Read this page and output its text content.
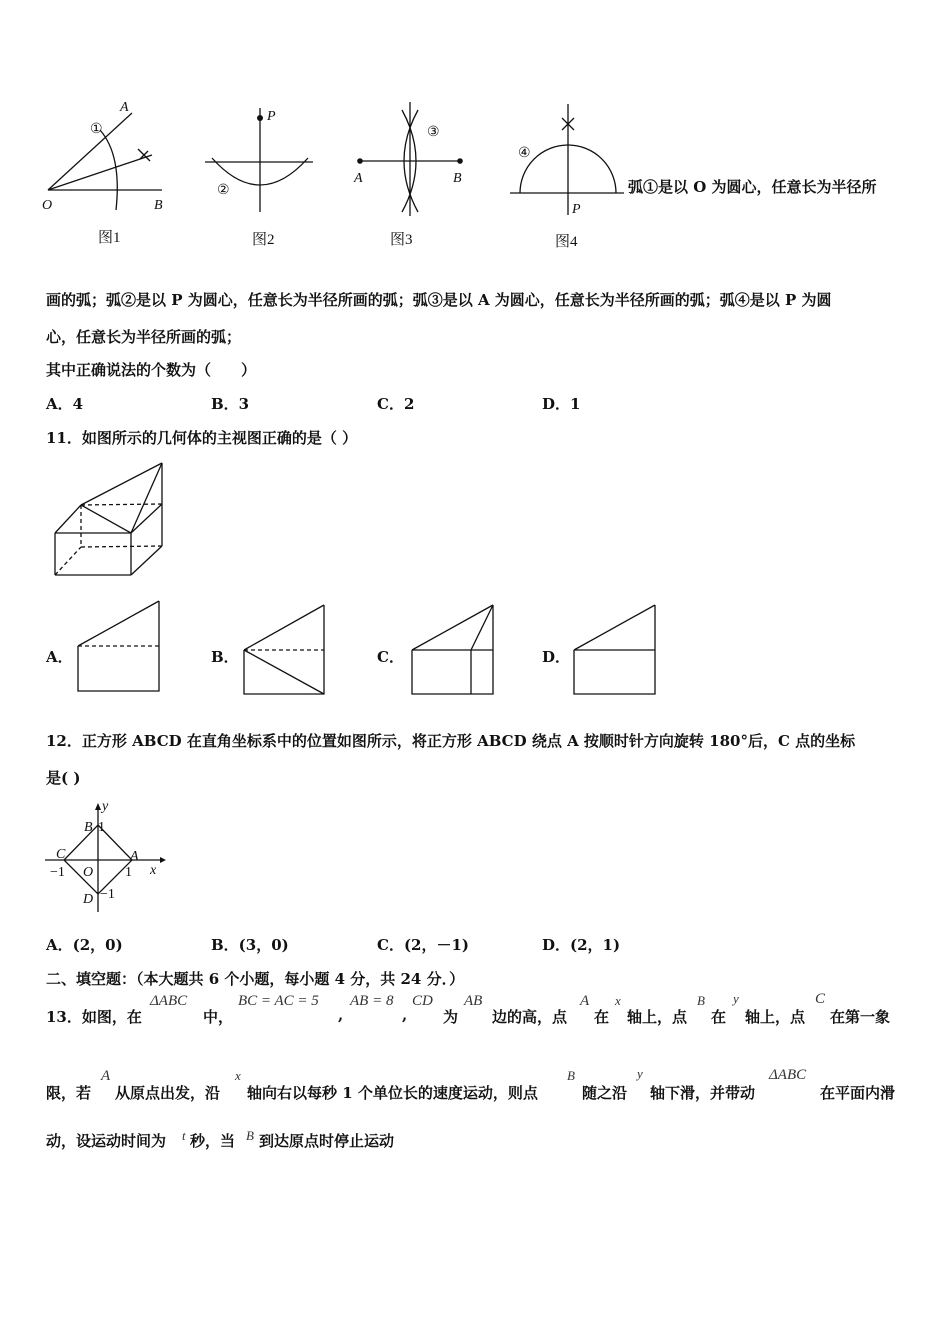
A
O	B
①
图1
P
②
图2
A	B
③
图3
P
④
图4
弧①是以 O 为圆心，任意长为半径所
画的弧；弧②是以 P 为圆心，任意长为半径所画的弧；弧③是以 A 为圆心，任意长为半径所画的弧；弧④是以 P 为圆
心，任意长为半径所画的弧；
其中正确说法的个数为（　　）
A．4	B．3	C．2	D．1
11．如图所示的几何体的主视图正确的是（ ）
A．	B．	C．	D．
12．正方形 ABCD 在直角坐标系中的位置如图所示，将正方形 ABCD 绕点 A 按顺时针方向旋转 180°后，C 点的坐标
是( )
y
x
B 1
C	A
−1 O 1
D −1
A．(2，0)	B．(3，0)	C．(2，－1)	D．(2，1)
二、填空题：（本大题共 6 个小题，每小题 4 分，共 24 分．）
13．如图，在
ΔABC
中，
BC = AC = 5
,
AB = 8
,
CD
为
AB
边的高，点
A
在
x
轴上，点
B
在
y
轴上，点
C
在第一象
限，若
A
从原点出发，沿
x
轴向右以每秒 1 个单位长的速度运动，则点
B
随之沿
y
轴下滑，并带动
ΔABC
在平面内滑
动，设运动时间为 t 秒，当 B 到达原点时停止运动
